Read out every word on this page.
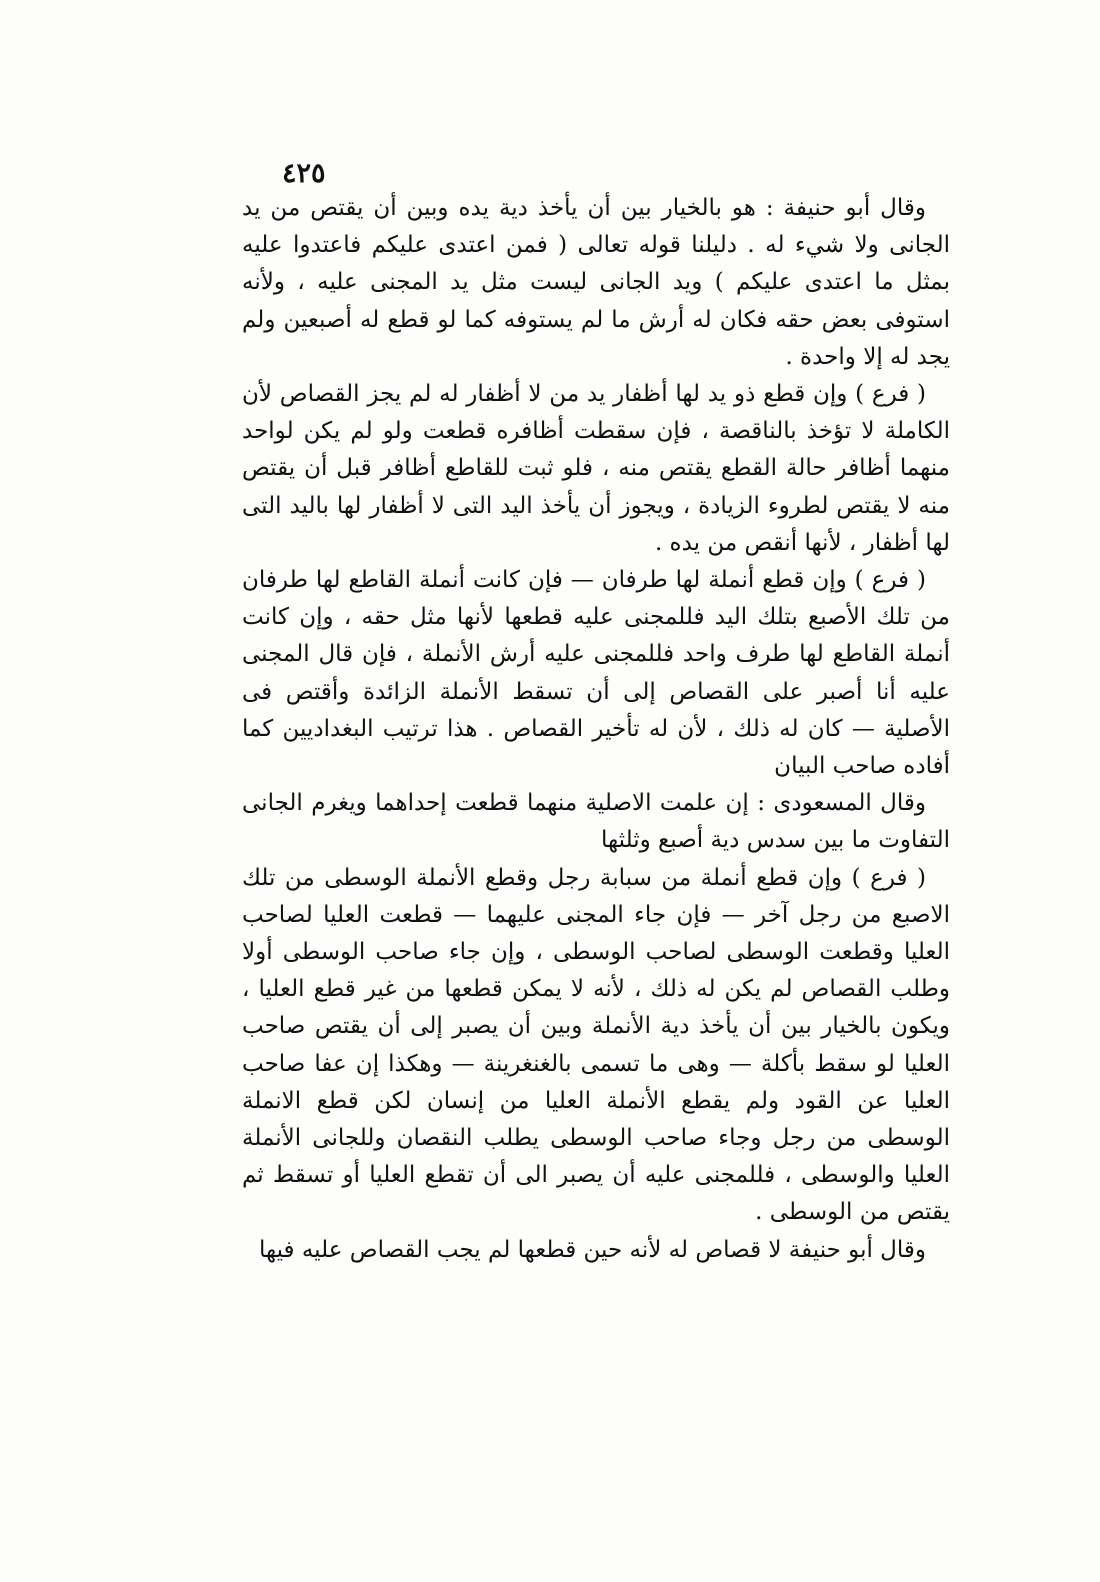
٤٢٥

وقال أبو حنيفة : هو بالخيار بين أن يأخذ دية يده وبين أن يقتص من يد الجانى ولا شيء له . دليلنا قوله تعالى ( فمن اعتدى عليكم فاعتدوا عليه بمثل ما اعتدى عليكم ) ويد الجانى ليست مثل يد المجنى عليه ، ولأنه استوفى بعض حقه فكان له أرش ما لم يستوفه كما لو قطع له أصبعين ولم يجد له إلا واحدة .

( فرع ) وإن قطع ذو يد لها أظفار يد من لا أظفار له لم يجز القصاص لأن الكاملة لا تؤخذ بالناقصة ، فإن سقطت أظافره قطعت ولو لم يكن لواحد منهما أظافر حالة القطع يقتص منه ، فلو ثبت للقاطع أظافر قبل أن يقتص منه لا يقتص لطروء الزيادة ، ويجوز أن يأخذ اليد التى لا أظفار لها باليد التى لها أظفار ، لأنها أنقص من يده .

( فرع ) وإن قطع أنملة لها طرفان — فإن كانت أنملة القاطع لها طرفان من تلك الأصبع بتلك اليد فللمجنى عليه قطعها لأنها مثل حقه ، وإن كانت أنملة القاطع لها طرف واحد فللمجنى عليه أرش الأنملة ، فإن قال المجنى عليه أنا أصبر على القصاص إلى أن تسقط الأنملة الزائدة وأقتص فى الأصلية — كان له ذلك ، لأن له تأخير القصاص . هذا ترتيب البغداديين كما أفاده صاحب البيان

وقال المسعودى : إن علمت الاصلية منهما قطعت إحداهما ويغرم الجانى التفاوت ما بين سدس دية أصبع وثلثها

( فرع ) وإن قطع أنملة من سبابة رجل وقطع الأنملة الوسطى من تلك الاصبع من رجل آخر — فإن جاء المجنى عليهما — قطعت العليا لصاحب العليا وقطعت الوسطى لصاحب الوسطى ، وإن جاء صاحب الوسطى أولا وطلب القصاص لم يكن له ذلك ، لأنه لا يمكن قطعها من غير قطع العليا ، ويكون بالخيار بين أن يأخذ دية الأنملة وبين أن يصبر إلى أن يقتص صاحب العليا لو سقط بأكلة — وهى ما تسمى بالغنغرينة — وهكذا إن عفا صاحب العليا عن القود ولم يقطع الأنملة العليا من إنسان لكن قطع الانملة الوسطى من رجل وجاء صاحب الوسطى يطلب النقصان وللجانى الأنملة العليا والوسطى ، فللمجنى عليه أن يصبر الى أن تقطع العليا أو تسقط ثم يقتص من الوسطى .

وقال أبو حنيفة لا قصاص له لأنه حين قطعها لم يجب القصاص عليه فيها
